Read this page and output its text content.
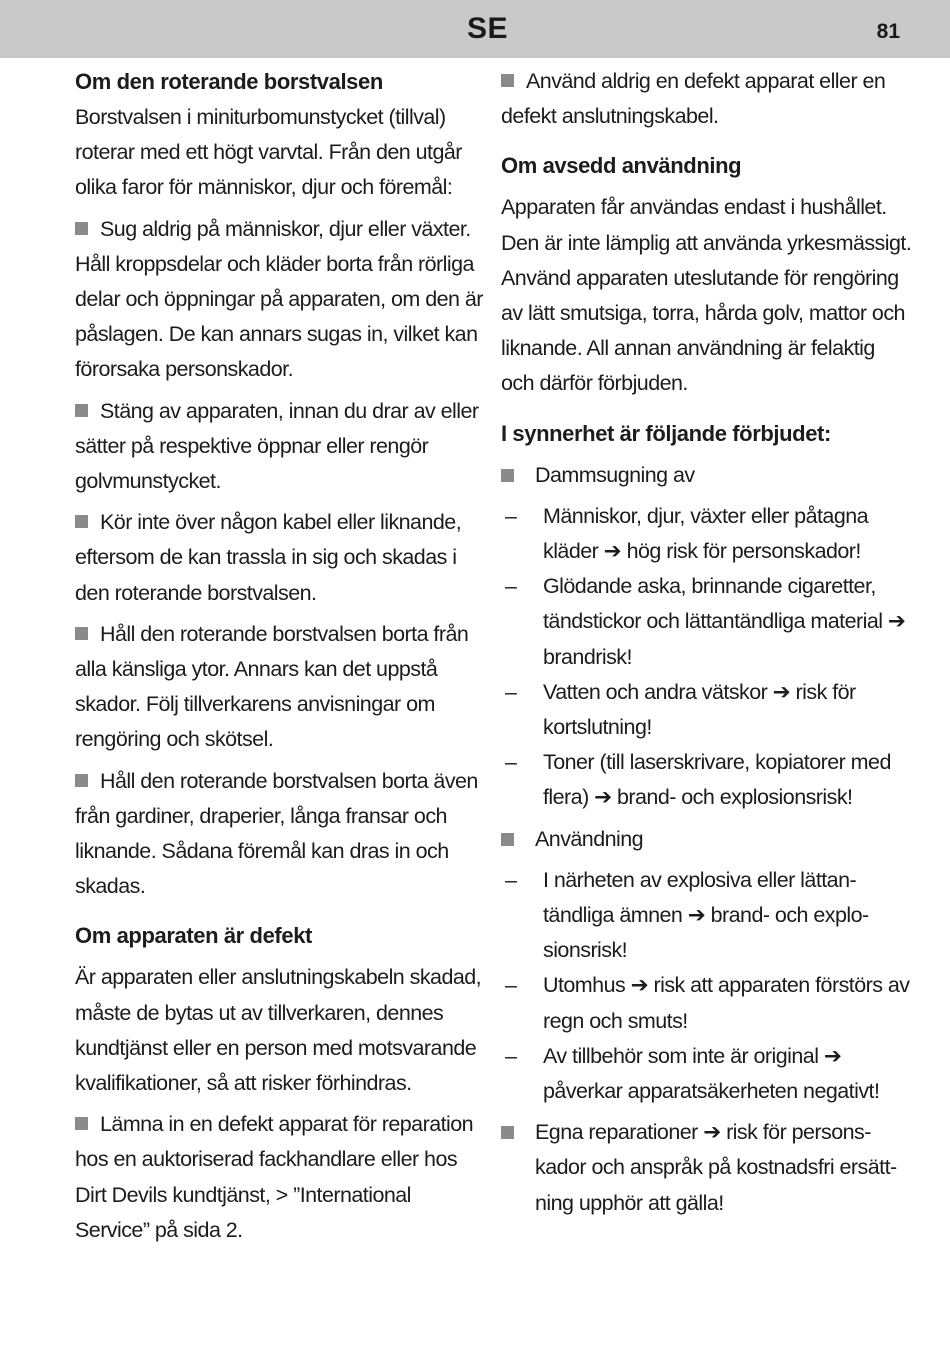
SE	81
Om den roterande borstvalsen

Borstvalsen i miniturbomunstycket (tillval) roterar med ett högt varvtal. Från den utgår olika faror för människor, djur och föremål:

Sug aldrig på människor, djur eller växter. Håll kroppsdelar och kläder borta från rörliga delar och öppningar på apparaten, om den är påslagen. De kan annars sugas in, vilket kan förorsaka personskador.

Stäng av apparaten, innan du drar av eller sätter på respektive öppnar eller rengör golvmunstycket.

Kör inte över någon kabel eller liknande, eftersom de kan trassla in sig och skadas i den roterande borstvalsen.

Håll den roterande borstvalsen borta från alla känsliga ytor. Annars kan det uppstå skador. Följ tillverkarens anvisningar om rengöring och skötsel.

Håll den roterande borstvalsen borta även från gardiner, draperier, långa fransar och liknande. Sådana föremål kan dras in och skadas.

Om apparaten är defekt

Är apparaten eller anslutningskabeln skadad, måste de bytas ut av tillverkaren, dennes kundtjänst eller en person med motsvarande kvalifikationer, så att risker förhindras.

Lämna in en defekt apparat för reparation hos en auktoriserad fackhandlare eller hos Dirt Devils kundtjänst, > ”International Service” på sida 2.

Använd aldrig en defekt apparat eller en defekt anslutningskabel.

Om avsedd användning

Apparaten får användas endast i hushållet. Den är inte lämplig att använda yrkesmässigt. Använd apparaten uteslutande för rengöring av lätt smutsiga, torra, hårda golv, mattor och liknande. All annan användning är felaktig och därför förbjuden.

I synnerhet är följande förbjudet:
Dammsugning av
– Människor, djur, växter eller påtagna kläder ➔ hög risk för personskador!
– Glödande aska, brinnande cigaretter, tändstickor och lättantändliga material ➔ brandrisk!
– Vatten och andra vätskor ➔ risk för kortslutning!
– Toner (till laserskrivare, kopiatorer med flera) ➔ brand- och explosionsrisk!
Användning
– I närheten av explosiva eller lättantändliga ämnen ➔ brand- och explosionsrisk!
– Utomhus ➔ risk att apparaten förstörs av regn och smuts!
– Av tillbehör som inte är original ➔ påverkar apparatsäkerheten negativt!
Egna reparationer ➔ risk för personskador och anspråk på kostnadsfri ersättning upphör att gälla!
